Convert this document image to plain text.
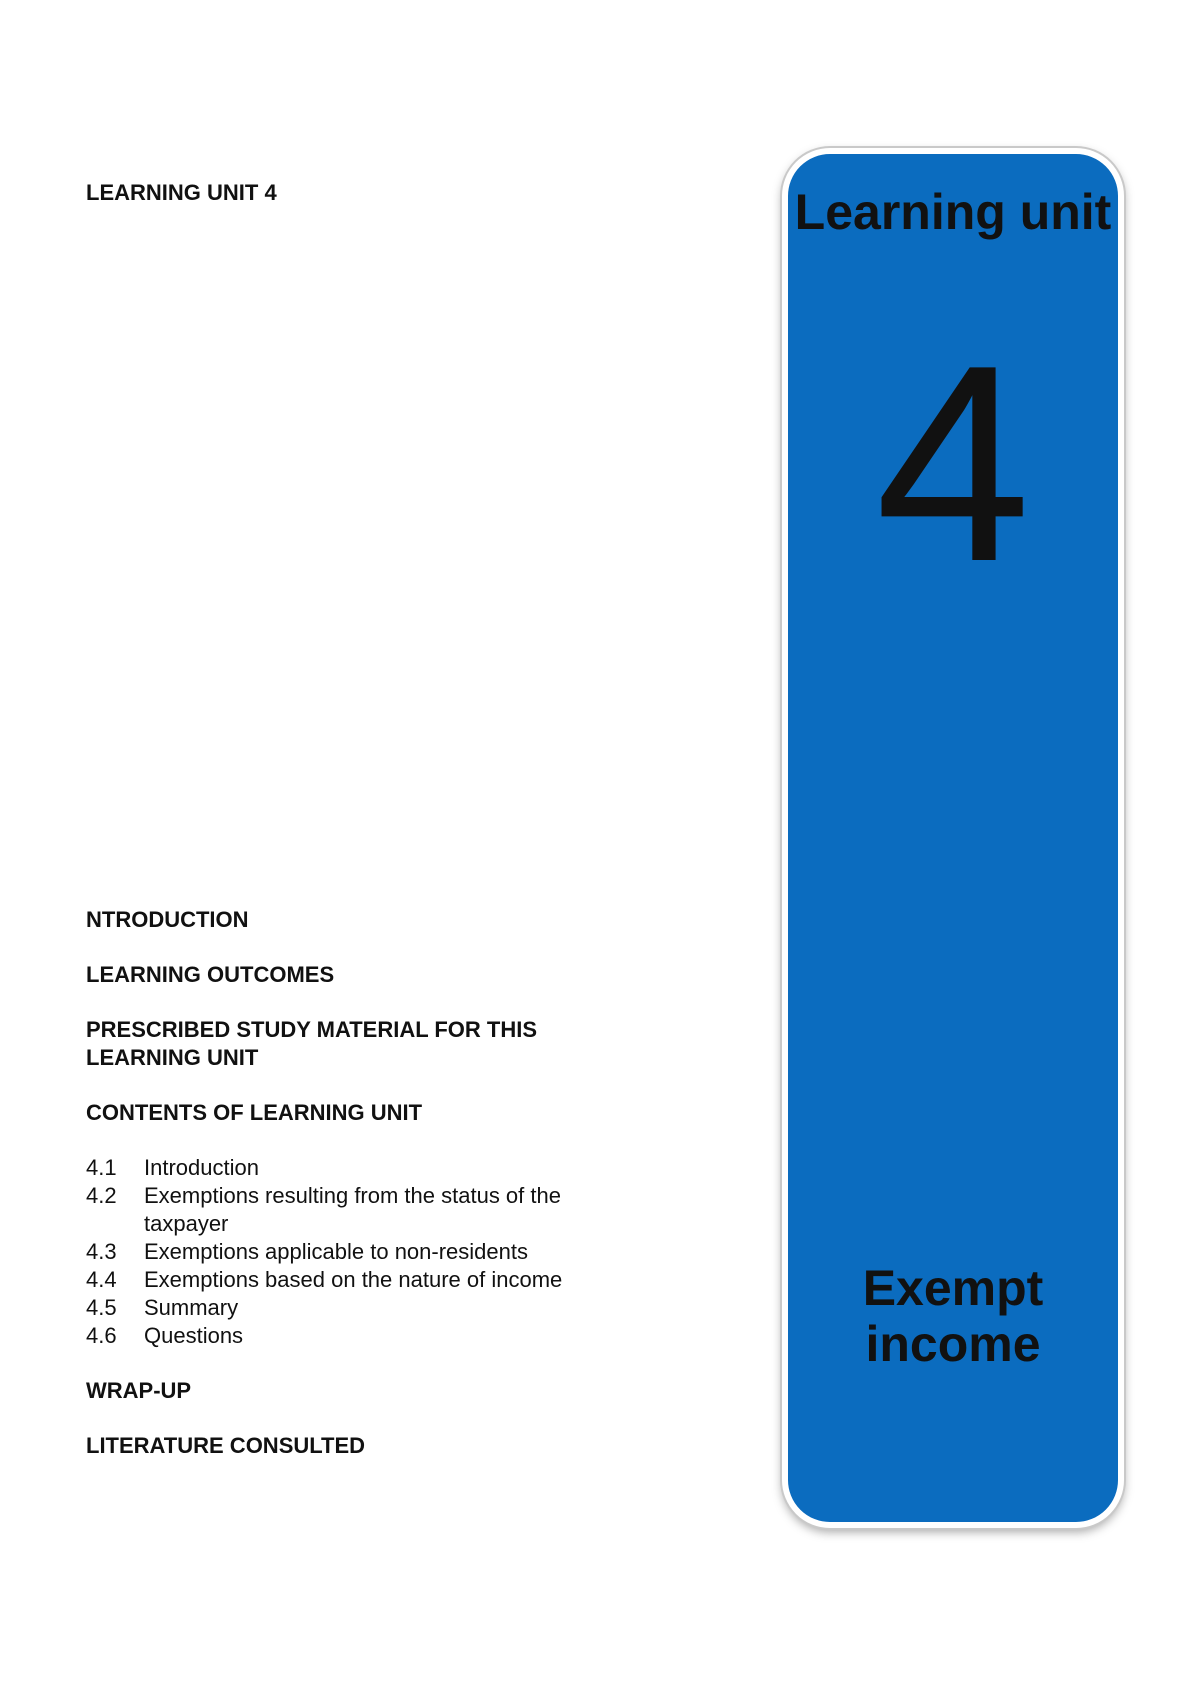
LEARNING UNIT 4

NTRODUCTION

LEARNING OUTCOMES

PRESCRIBED STUDY MATERIAL FOR THIS LEARNING UNIT

CONTENTS OF LEARNING UNIT

4.1	Introduction
4.2	Exemptions resulting from the status of the taxpayer
4.3	Exemptions applicable to non-residents
4.4	Exemptions based on the nature of income
4.5	Summary
4.6	Questions

WRAP-UP

LITERATURE CONSULTED

Learning unit
4
Exempt income
